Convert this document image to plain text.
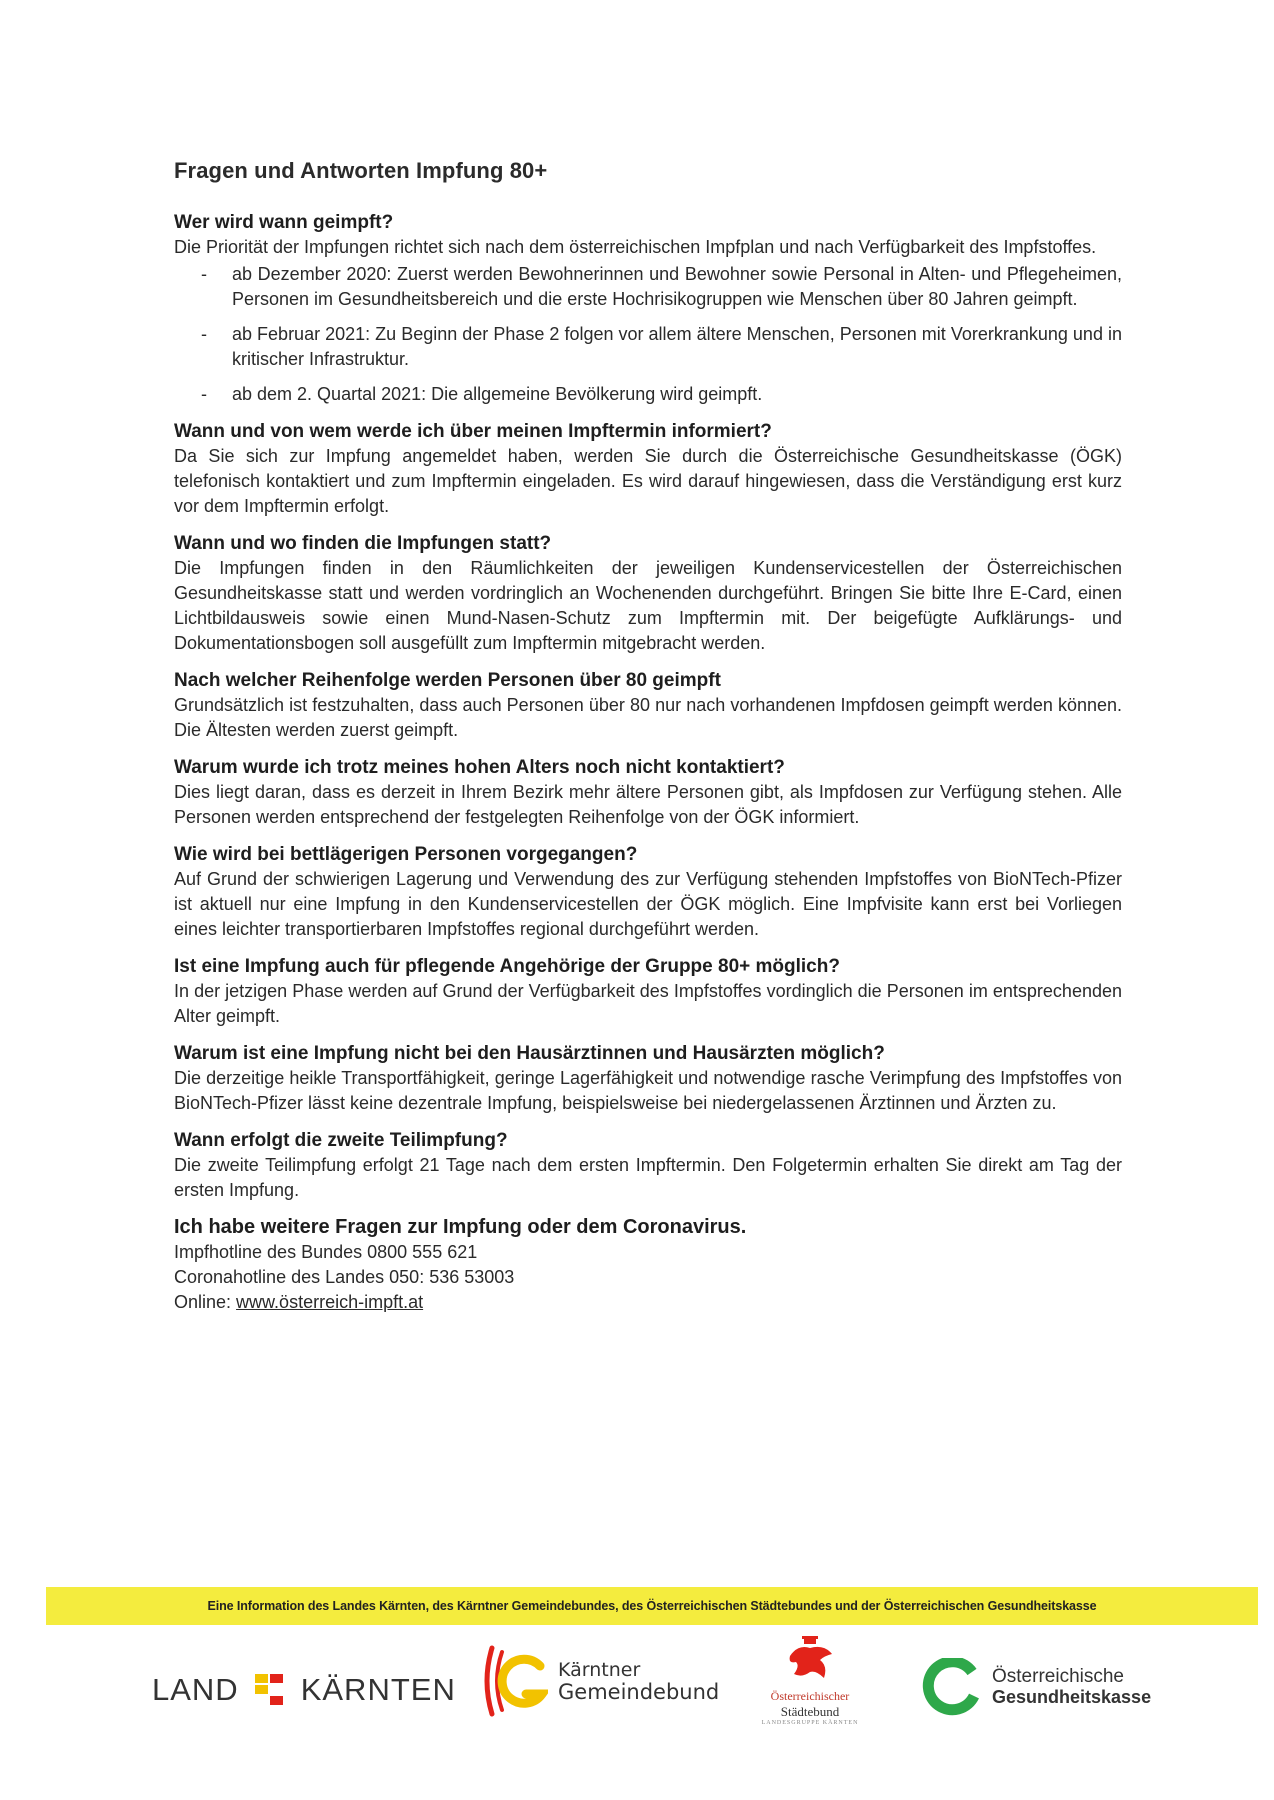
Fragen und Antworten Impfung 80+

Wer wird wann geimpft?

Die Priorität der Impfungen richtet sich nach dem österreichischen Impfplan und nach Verfügbarkeit des Impfstoffes.

- ab Dezember 2020: Zuerst werden Bewohnerinnen und Bewohner sowie Personal in Alten- und Pflegeheimen, Personen im Gesundheitsbereich und die erste Hochrisikogruppen wie Menschen über 80 Jahren geimpft.
- ab Februar 2021: Zu Beginn der Phase 2 folgen vor allem ältere Menschen, Personen mit Vorerkrankung und in kritischer Infrastruktur.
- ab dem 2. Quartal 2021: Die allgemeine Bevölkerung wird geimpft.

Wann und von wem werde ich über meinen Impftermin informiert?

Da Sie sich zur Impfung angemeldet haben, werden Sie durch die Österreichische Gesundheitskasse (ÖGK) telefonisch kontaktiert und zum Impftermin eingeladen. Es wird darauf hingewiesen, dass die Verständigung erst kurz vor dem Impftermin erfolgt.

Wann und wo finden die Impfungen statt?

Die Impfungen finden in den Räumlichkeiten der jeweiligen Kundenservicestellen der Österreichischen Gesundheitskasse statt und werden vordringlich an Wochenenden durchgeführt. Bringen Sie bitte Ihre E-Card, einen Lichtbildausweis sowie einen Mund-Nasen-Schutz zum Impftermin mit. Der beigefügte Aufklärungs- und Dokumentationsbogen soll ausgefüllt zum Impftermin mitgebracht werden.

Nach welcher Reihenfolge werden Personen über 80 geimpft

Grundsätzlich ist festzuhalten, dass auch Personen über 80 nur nach vorhandenen Impfdosen geimpft werden können. Die Ältesten werden zuerst geimpft.

Warum wurde ich trotz meines hohen Alters noch nicht kontaktiert?

Dies liegt daran, dass es derzeit in Ihrem Bezirk mehr ältere Personen gibt, als Impfdosen zur Verfügung stehen. Alle Personen werden entsprechend der festgelegten Reihenfolge von der ÖGK informiert.

Wie wird bei bettlägerigen Personen vorgegangen?

Auf Grund der schwierigen Lagerung und Verwendung des zur Verfügung stehenden Impfstoffes von BioNTech-Pfizer ist aktuell nur eine Impfung in den Kundenservicestellen der ÖGK möglich. Eine Impfvisite kann erst bei Vorliegen eines leichter transportierbaren Impfstoffes regional durchgeführt werden.

Ist eine Impfung auch für pflegende Angehörige der Gruppe 80+ möglich?

In der jetzigen Phase werden auf Grund der Verfügbarkeit des Impfstoffes vordinglich die Personen im entsprechenden Alter geimpft.

Warum ist eine Impfung nicht bei den Hausärztinnen und Hausärzten möglich?

Die derzeitige heikle Transportfähigkeit, geringe Lagerfähigkeit und notwendige rasche Verimpfung des Impfstoffes von BioNTech-Pfizer lässt keine dezentrale Impfung, beispielsweise bei niedergelassenen Ärztinnen und Ärzten zu.

Wann erfolgt die zweite Teilimpfung?

Die zweite Teilimpfung erfolgt 21 Tage nach dem ersten Impftermin. Den Folgetermin erhalten Sie direkt am Tag der ersten Impfung.

Ich habe weitere Fragen zur Impfung oder dem Coronavirus.

Impfhotline des Bundes 0800 555 621

Coronahotline des Landes 050: 536 53003

Online: www.österreich-impft.at

Eine Information des Landes Kärnten, des Kärntner Gemeindebundes, des Österreichischen Städtebundes und der Österreichischen Gesundheitskasse
LAND KÄRNTEN
Kärntner
Gemeindebund	Österreichischer
Städtebund
LANDESGRUPPE KÄRNTEN
Österreichische
Gesundheitskasse
